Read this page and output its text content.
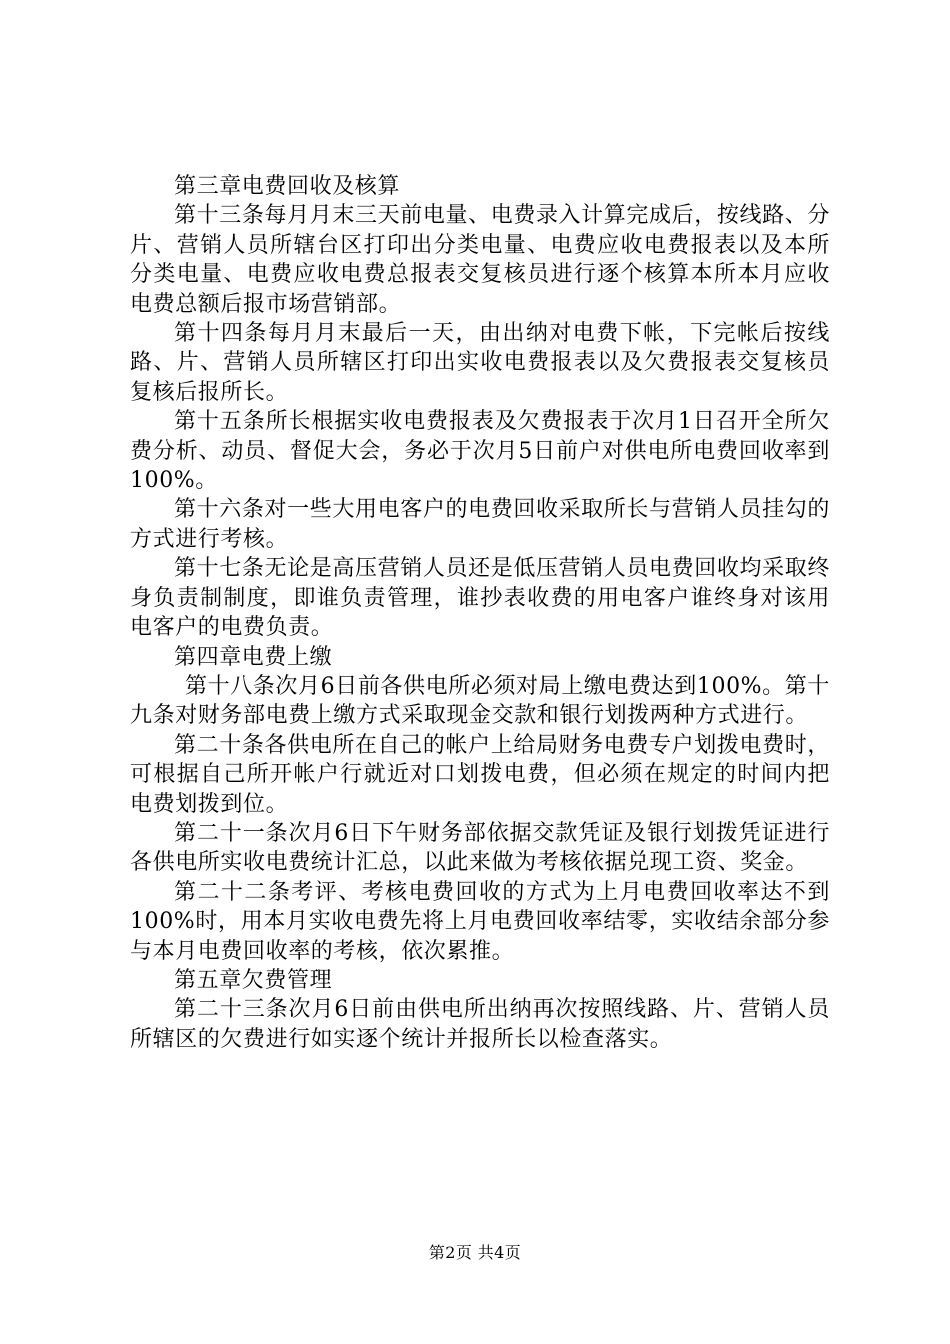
第三章电费回收及核算

第十三条每月月末三天前电量、电费录入计算完成后，按线路、分片、营销人员所辖台区打印出分类电量、电费应收电费报表以及本所分类电量、电费应收电费总报表交复核员进行逐个核算本所本月应收电费总额后报市场营销部。

第十四条每月月末最后一天，由出纳对电费下帐，下完帐后按线路、片、营销人员所辖区打印出实收电费报表以及欠费报表交复核员复核后报所长。

第十五条所长根据实收电费报表及欠费报表于次月1日召开全所欠费分析、动员、督促大会，务必于次月5日前户对供电所电费回收率到100%。

第十六条对一些大用电客户的电费回收采取所长与营销人员挂勾的方式进行考核。

第十七条无论是高压营销人员还是低压营销人员电费回收均采取终身负责制制度，即谁负责管理，谁抄表收费的用电客户谁终身对该用电客户的电费负责。

第四章电费上缴

第十八条次月6日前各供电所必须对局上缴电费达到100%。第十九条对财务部电费上缴方式采取现金交款和银行划拨两种方式进行。

第二十条各供电所在自己的帐户上给局财务电费专户划拨电费时，可根据自己所开帐户行就近对口划拨电费，但必须在规定的时间内把电费划拨到位。

第二十一条次月6日下午财务部依据交款凭证及银行划拨凭证进行各供电所实收电费统计汇总，以此来做为考核依据兑现工资、奖金。

第二十二条考评、考核电费回收的方式为上月电费回收率达不到100%时，用本月实收电费先将上月电费回收率结零，实收结余部分参与本月电费回收率的考核，依次累推。

第五章欠费管理

第二十三条次月6日前由供电所出纳再次按照线路、片、营销人员所辖区的欠费进行如实逐个统计并报所长以检查落实。

第2页 共4页
